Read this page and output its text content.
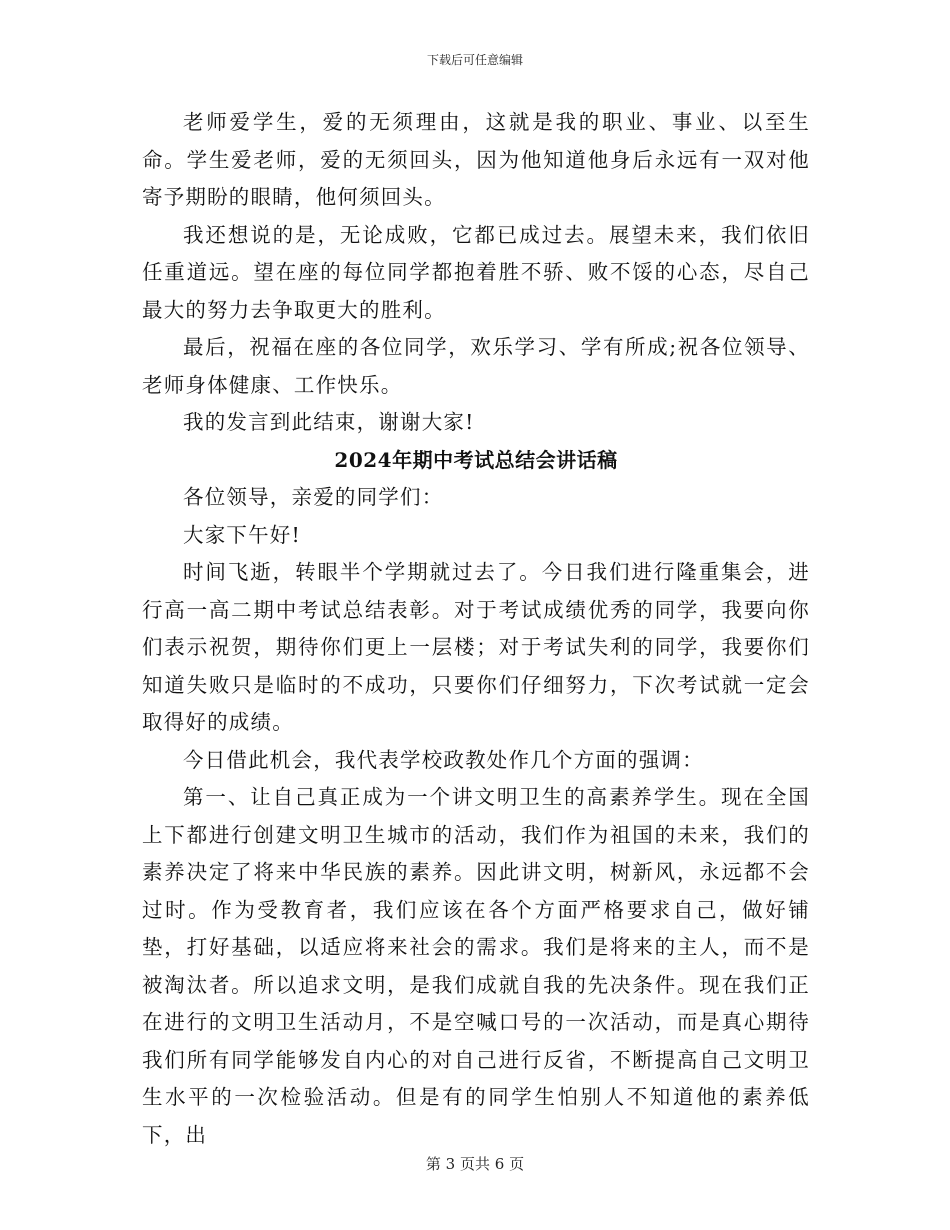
下载后可任意编辑

老师爱学生，爱的无须理由，这就是我的职业、事业、以至生命。学生爱老师，爱的无须回头，因为他知道他身后永远有一双对他寄予期盼的眼睛，他何须回头。

我还想说的是，无论成败，它都已成过去。展望未来，我们依旧任重道远。望在座的每位同学都抱着胜不骄、败不馁的心态，尽自己最大的努力去争取更大的胜利。

最后，祝福在座的各位同学，欢乐学习、学有所成;祝各位领导、老师身体健康、工作快乐。

我的发言到此结束，谢谢大家!

2024年期中考试总结会讲话稿

各位领导，亲爱的同学们：

大家下午好!

时间飞逝，转眼半个学期就过去了。今日我们进行隆重集会，进行高一高二期中考试总结表彰。对于考试成绩优秀的同学，我要向你们表示祝贺，期待你们更上一层楼；对于考试失利的同学，我要你们知道失败只是临时的不成功，只要你们仔细努力，下次考试就一定会取得好的成绩。

今日借此机会，我代表学校政教处作几个方面的强调：

第一、让自己真正成为一个讲文明卫生的高素养学生。现在全国上下都进行创建文明卫生城市的活动，我们作为祖国的未来，我们的素养决定了将来中华民族的素养。因此讲文明，树新风，永远都不会过时。作为受教育者，我们应该在各个方面严格要求自己，做好铺垫，打好基础，以适应将来社会的需求。我们是将来的主人，而不是被淘汰者。所以追求文明，是我们成就自我的先决条件。现在我们正在进行的文明卫生活动月，不是空喊口号的一次活动，而是真心期待我们所有同学能够发自内心的对自己进行反省，不断提高自己文明卫生水平的一次检验活动。但是有的同学生怕别人不知道他的素养低下，出

第 3 页共 6 页
